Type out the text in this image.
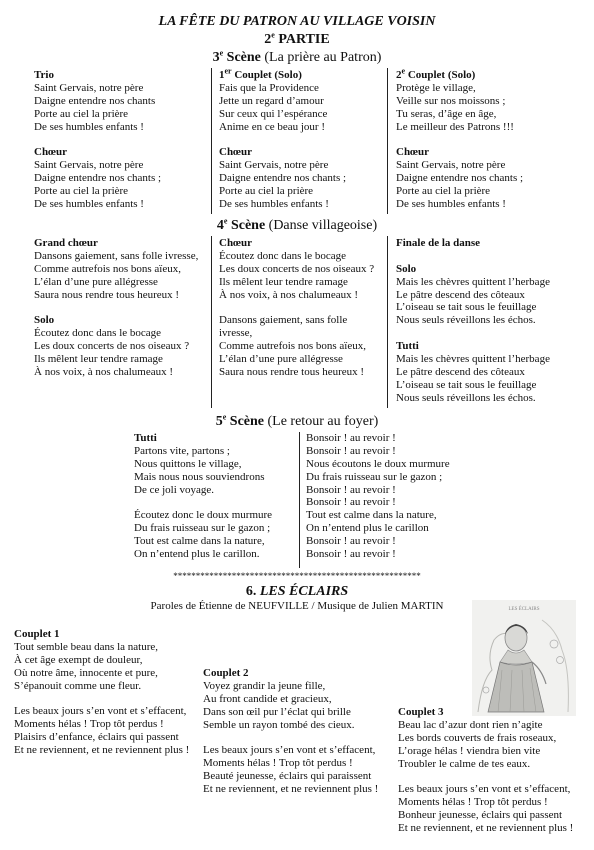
LA FÊTE DU PATRON AU VILLAGE VOISIN
2e PARTIE
3e Scène (La prière au Patron)
Trio
Saint Gervais, notre père
Daigne entendre nos chants
Porte au ciel la prière
De ses humbles enfants !
Chœur
Saint Gervais, notre père
Daigne entendre nos chants ;
Porte au ciel la prière
De ses humbles enfants !
1er Couplet (Solo)
Fais que la Providence
Jette un regard d’amour
Sur ceux qui l’espérance
Anime en ce beau jour !
Chœur
Saint Gervais, notre père
Daigne entendre nos chants ;
Porte au ciel la prière
De ses humbles enfants !
2e Couplet (Solo)
Protège le village,
Veille sur nos moissons ;
Tu seras, d’âge en âge,
Le meilleur des Patrons !!!
Chœur
Saint Gervais, notre père
Daigne entendre nos chants ;
Porte au ciel la prière
De ses humbles enfants !
4e Scène (Danse villageoise)
Grand chœur
Dansons gaiement, sans folle ivresse,
Comme autrefois nos bons aïeux,
L’élan d’une pure allégresse
Saura nous rendre tous heureux !
Solo
Écoutez donc dans le bocage
Les doux concerts de nos oiseaux ?
Ils mêlent leur tendre ramage
À nos voix, à nos chalumeaux !
Chœur
Écoutez donc dans le bocage
Les doux concerts de nos oiseaux ?
Ils mêlent leur tendre ramage
À nos voix, à nos chalumeaux !
Dansons gaiement, sans folle
ivresse,
Comme autrefois nos bons aïeux,
L’élan d’une pure allégresse
Saura nous rendre tous heureux !
Finale de la danse
Solo
Mais les chèvres quittent l’herbage
Le pâtre descend des côteaux
L’oiseau se tait sous le feuillage
Nous seuls réveillons les échos.
Tutti
Mais les chèvres quittent l’herbage
Le pâtre descend des côteaux
L’oiseau se tait sous le feuillage
Nous seuls réveillons les échos.
5e Scène (Le retour au foyer)
Tutti
Partons vite, partons ;
Nous quittons le village,
Mais nous nous souviendrons
De ce joli voyage.
Écoutez donc le doux murmure
Du frais ruisseau sur le gazon ;
Tout est calme dans la nature,
On n’entend plus le carillon.
Bonsoir ! au revoir !
Bonsoir ! au revoir !
Nous écoutons le doux murmure
Du frais ruisseau sur le gazon ;
Bonsoir ! au revoir !
Bonsoir ! au revoir !
Tout est calme dans la nature,
On n’entend plus le carillon
Bonsoir ! au revoir !
Bonsoir ! au revoir !
*******************************************************
6. LES ÉCLAIRS
Paroles de Étienne de NEUFVILLE / Musique de Julien MARTIN	LES ÉCLAIRS
Couplet 1
Tout semble beau dans la nature,
À cet âge exempt de douleur,
Où notre âme, innocente et pure,
S’épanouit comme une fleur.
Les beaux jours s’en vont et s’effacent,
Moments hélas ! Trop tôt perdus !
Plaisirs d’enfance, éclairs qui passent
Et ne reviennent, et ne reviennent plus !
Couplet 2
Voyez grandir la jeune fille,
Au front candide et gracieux,
Dans son œil pur l’éclat qui brille
Semble un rayon tombé des cieux.
Les beaux jours s’en vont et s’effacent,
Moments hélas ! Trop tôt perdus !
Beauté jeunesse, éclairs qui paraissent
Et ne reviennent, et ne reviennent plus !
Couplet 3
Beau lac d’azur dont rien n’agite
Les bords couverts de frais roseaux,
L’orage hélas ! viendra bien vite
Troubler le calme de tes eaux.
Les beaux jours s’en vont et s’effacent,
Moments hélas ! Trop tôt perdus !
Bonheur jeunesse, éclairs qui passent
Et ne reviennent, et ne reviennent plus !
